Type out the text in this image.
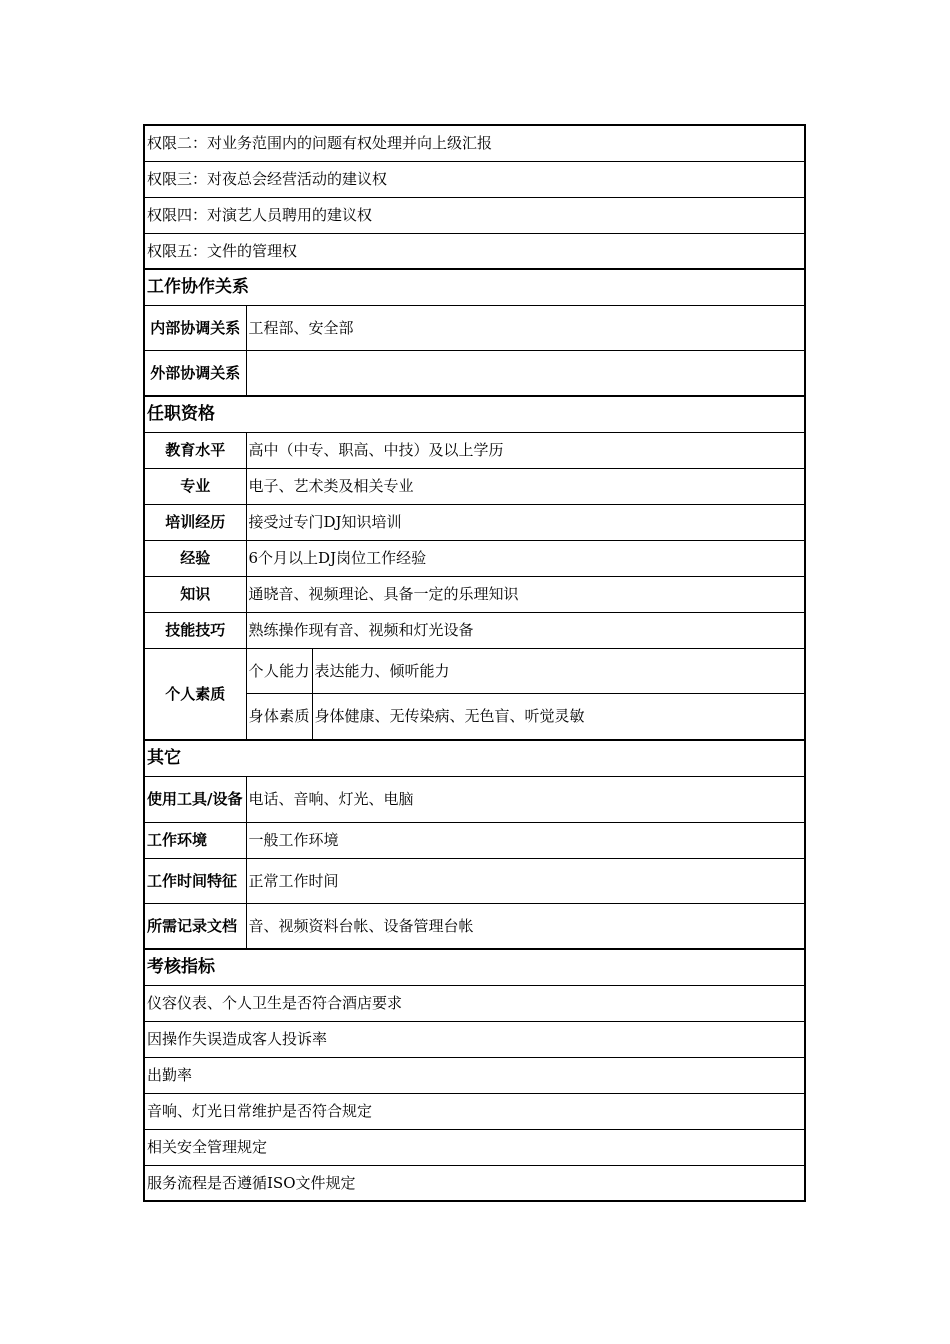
权限二：对业务范围内的问题有权处理并向上级汇报		
权限三：对夜总会经营活动的建议权		
权限四：对演艺人员聘用的建议权		
权限五：文件的管理权		
工作协作关系		
内部协调关系	工程部、安全部	
外部协调关系		
任职资格		
教育水平	高中（中专、职高、中技）及以上学历	
专业	电子、艺术类及相关专业	
培训经历	接受过专门DJ知识培训	
经验	6个月以上DJ岗位工作经验	
知识	通晓音、视频理论、具备一定的乐理知识	
技能技巧	熟练操作现有音、视频和灯光设备	
个人素质	个人能力	表达能力、倾听能力
	身体素质	身体健康、无传染病、无色盲、听觉灵敏
其它		
使用工具/设备	电话、音响、灯光、电脑	
工作环境	一般工作环境	
工作时间特征	正常工作时间	
所需记录文档	音、视频资料台帐、设备管理台帐	
考核指标		
仪容仪表、个人卫生是否符合酒店要求		
因操作失误造成客人投诉率		
出勤率		
音响、灯光日常维护是否符合规定		
相关安全管理规定		
服务流程是否遵循ISO文件规定		
